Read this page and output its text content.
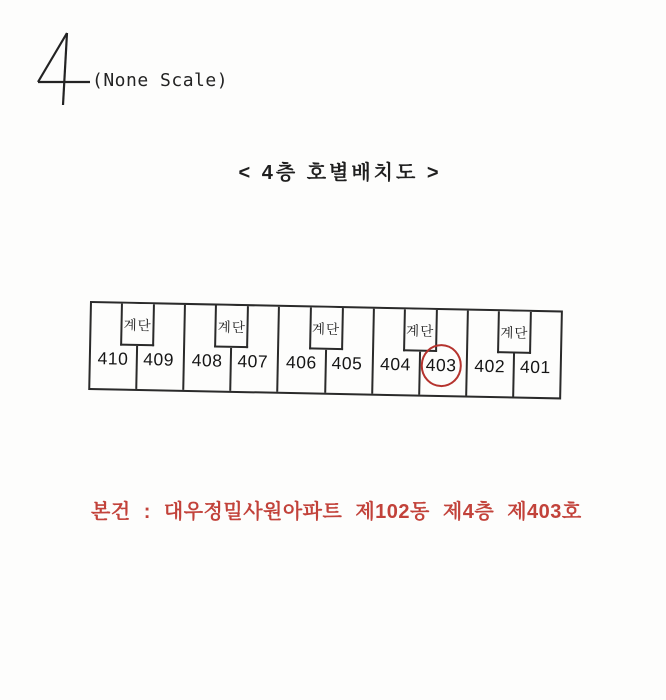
(None Scale)
< 4층 호별배치도 >
계단
410 409
계단
408 407
계단
406 405
계단
404 403
계단
402 401
본건 : 대우정밀사원아파트 제102동 제4층 제403호
